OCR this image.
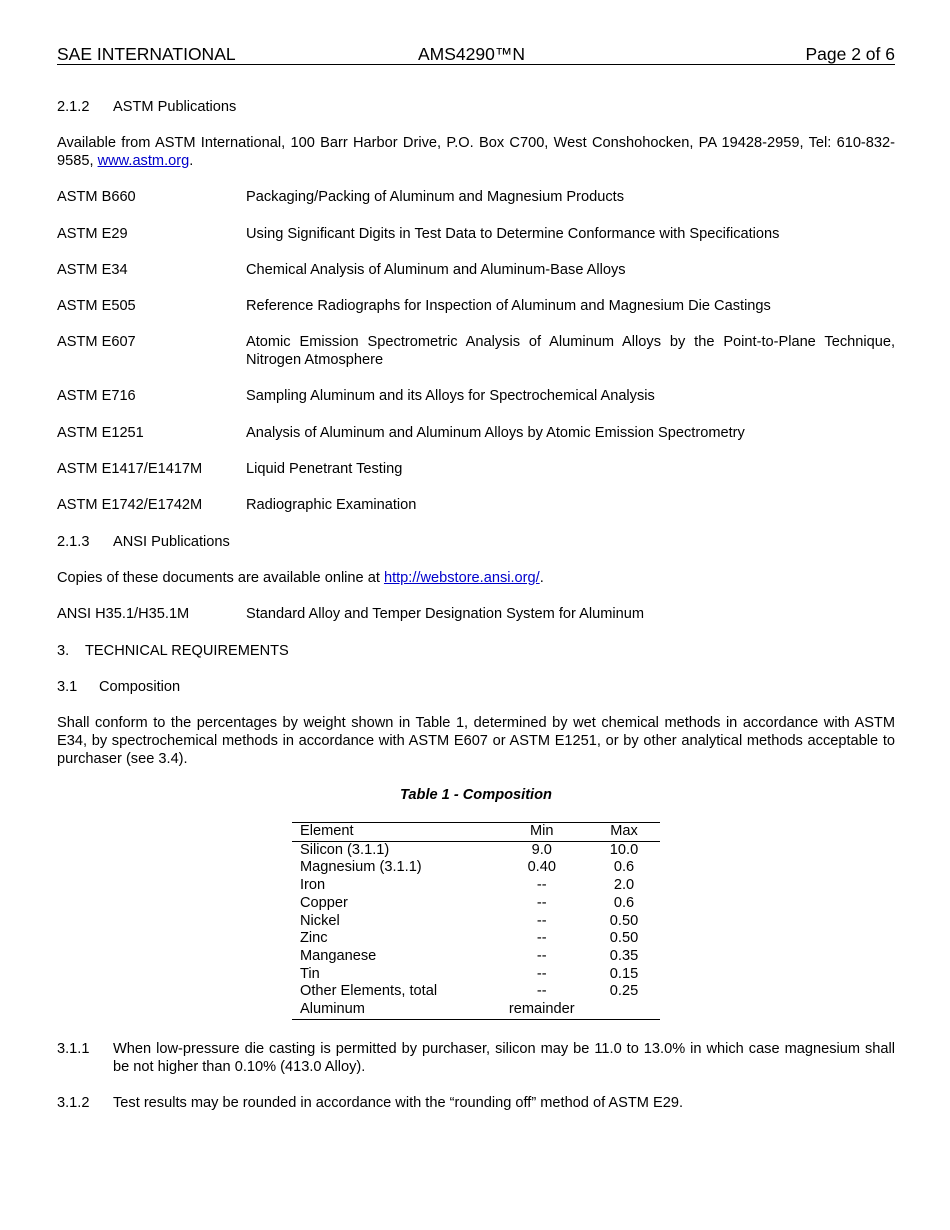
SAE INTERNATIONAL	AMS4290™N	Page 2 of 6
2.1.2 ASTM Publications
Available from ASTM International, 100 Barr Harbor Drive, P.O. Box C700, West Conshohocken, PA 19428-2959, Tel: 610-832-9585, www.astm.org.
ASTM B660	Packaging/Packing of Aluminum and Magnesium Products
ASTM E29	Using Significant Digits in Test Data to Determine Conformance with Specifications
ASTM E34	Chemical Analysis of Aluminum and Aluminum-Base Alloys
ASTM E505	Reference Radiographs for Inspection of Aluminum and Magnesium Die Castings
ASTM E607	Atomic Emission Spectrometric Analysis of Aluminum Alloys by the Point-to-Plane Technique, Nitrogen Atmosphere
ASTM E716	Sampling Aluminum and its Alloys for Spectrochemical Analysis
ASTM E1251	Analysis of Aluminum and Aluminum Alloys by Atomic Emission Spectrometry
ASTM E1417/E1417M	Liquid Penetrant Testing
ASTM E1742/E1742M	Radiographic Examination
2.1.3 ANSI Publications
Copies of these documents are available online at http://webstore.ansi.org/.
ANSI H35.1/H35.1M	Standard Alloy and Temper Designation System for Aluminum
3. TECHNICAL REQUIREMENTS
3.1 Composition
Shall conform to the percentages by weight shown in Table 1, determined by wet chemical methods in accordance with ASTM E34, by spectrochemical methods in accordance with ASTM E607 or ASTM E1251, or by other analytical methods acceptable to purchaser (see 3.4).
Table 1 - Composition
Element	Min	Max
Silicon (3.1.1)	9.0	10.0
Magnesium (3.1.1)	0.40	0.6
Iron	--	2.0
Copper	--	0.6
Nickel	--	0.50
Zinc	--	0.50
Manganese	--	0.35
Tin	--	0.15
Other Elements, total	--	0.25
Aluminum	remainder	
3.1.1 When low-pressure die casting is permitted by purchaser, silicon may be 11.0 to 13.0% in which case magnesium shall be not higher than 0.10% (413.0 Alloy).
3.1.2 Test results may be rounded in accordance with the “rounding off” method of ASTM E29.
